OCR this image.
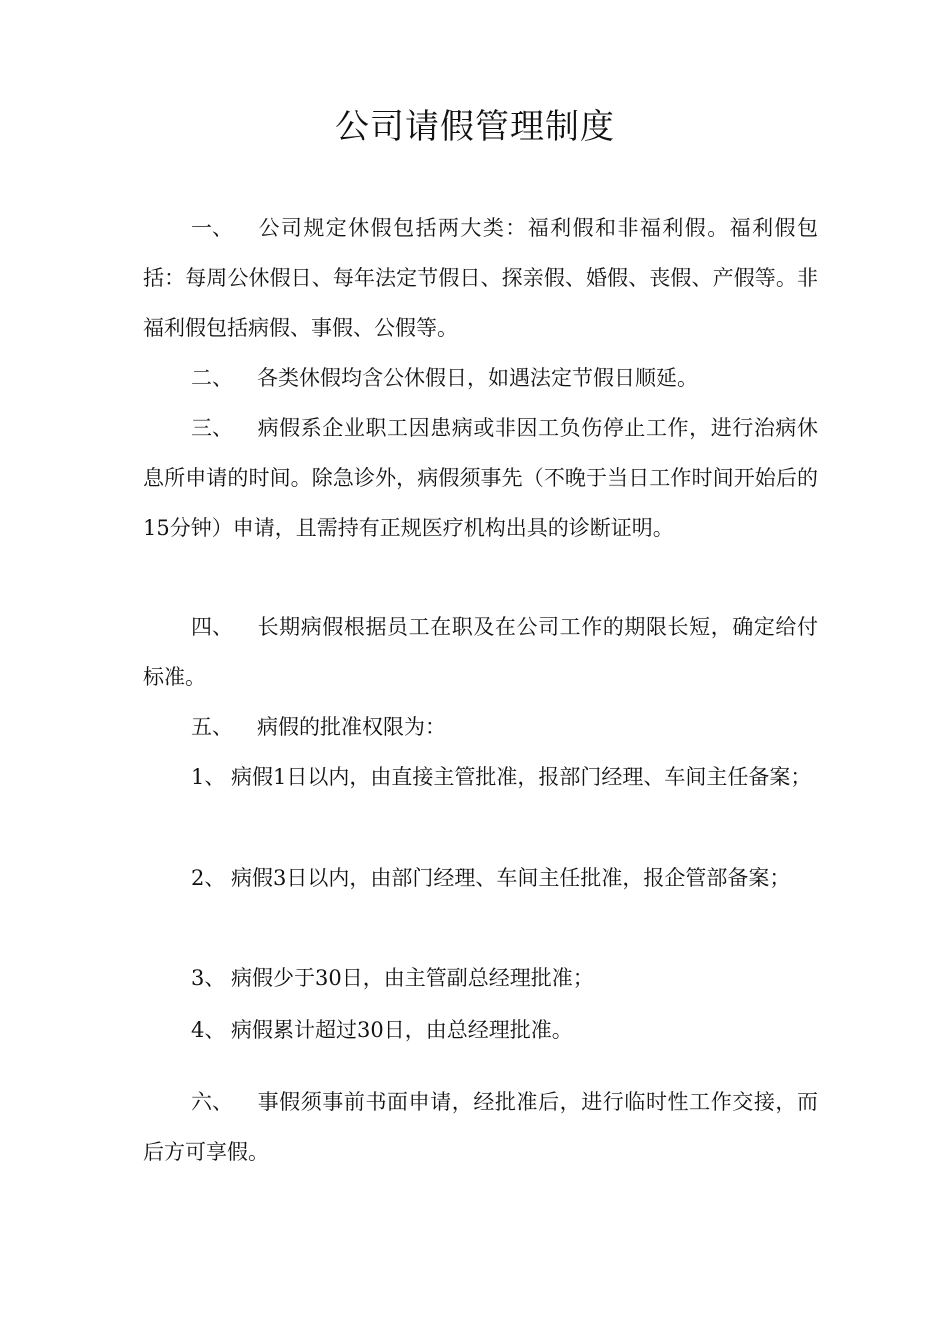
公司请假管理制度
一、 公司规定休假包括两大类：福利假和非福利假。福利假包括：每周公休假日、每年法定节假日、探亲假、婚假、丧假、产假等。非福利假包括病假、事假、公假等。
二、 各类休假均含公休假日，如遇法定节假日顺延。
三、 病假系企业职工因患病或非因工负伤停止工作，进行治病休息所申请的时间。除急诊外，病假须事先（不晚于当日工作时间开始后的15分钟）申请，且需持有正规医疗机构出具的诊断证明。
四、 长期病假根据员工在职及在公司工作的期限长短，确定给付标准。
五、 病假的批准权限为：
1、 病假1日以内，由直接主管批准，报部门经理、车间主任备案；
2、 病假3日以内，由部门经理、车间主任批准，报企管部备案；
3、 病假少于30日，由主管副总经理批准；
4、 病假累计超过30日，由总经理批准。
六、 事假须事前书面申请，经批准后，进行临时性工作交接，而后方可享假。
